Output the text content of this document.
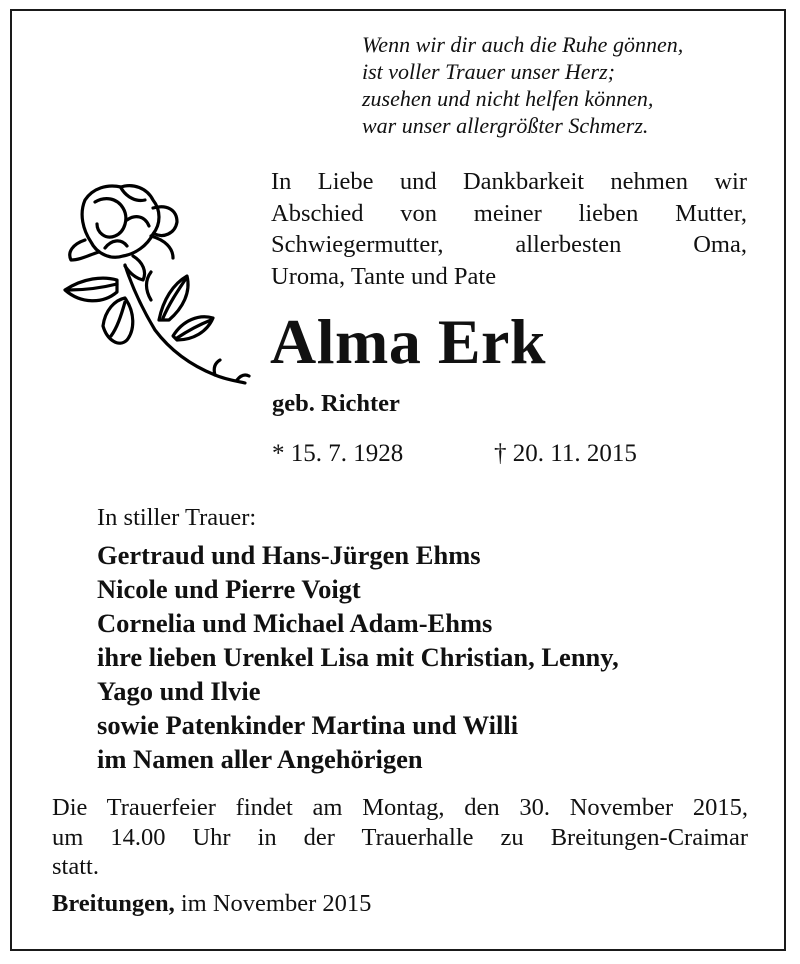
Wenn wir dir auch die Ruhe gönnen,
ist voller Trauer unser Herz;
zusehen und nicht helfen können,
war unser allergrößter Schmerz.
In Liebe und Dankbarkeit nehmen wir
Abschied von meiner lieben Mutter,
Schwiegermutter, allerbesten Oma,
Uroma, Tante und Pate
Alma Erk
geb. Richter
* 15. 7. 1928	† 20. 11. 2015
In stiller Trauer:
Gertraud und Hans-Jürgen Ehms
Nicole und Pierre Voigt
Cornelia und Michael Adam-Ehms
ihre lieben Urenkel Lisa mit Christian, Lenny,
Yago und Ilvie
sowie Patenkinder Martina und Willi
im Namen aller Angehörigen
Die Trauerfeier findet am Montag, den 30. November 2015,
um 14.00 Uhr in der Trauerhalle zu Breitungen-Craimar
statt.
Breitungen, im November 2015
